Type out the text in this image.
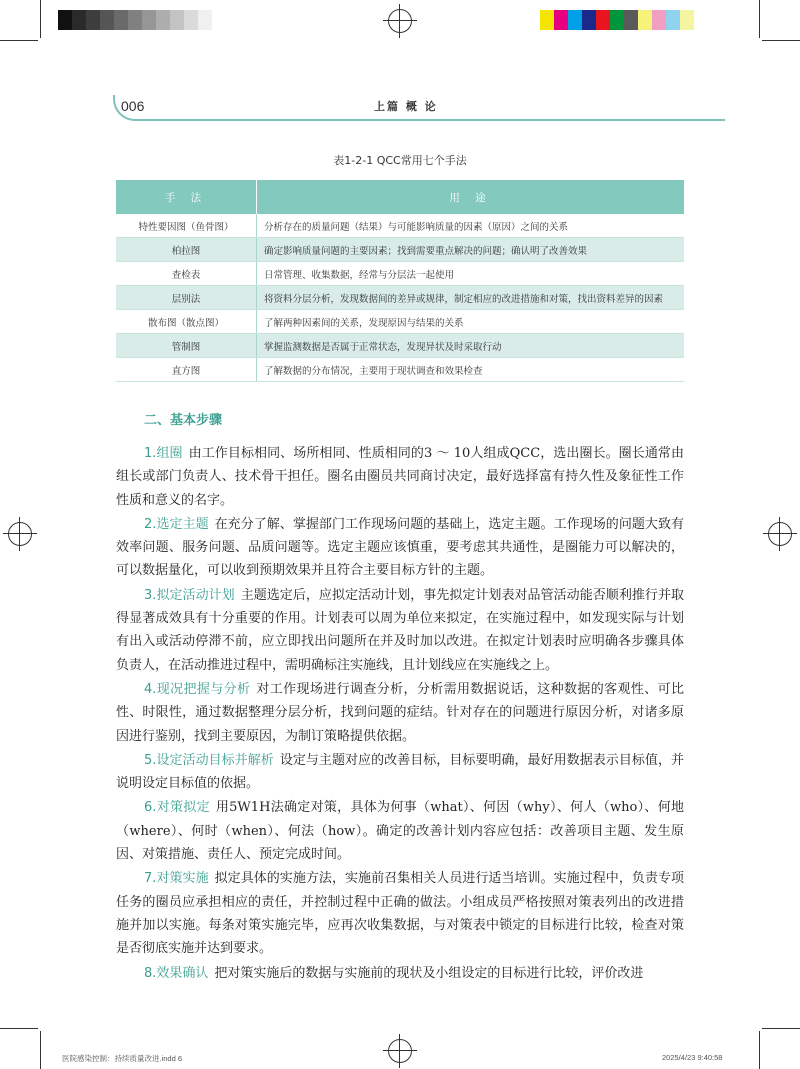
006	上篇 概 论
表1-2-1 QCC常用七个手法
手 法	用 途
特性要因图（鱼骨图）	分析存在的质量问题（结果）与可能影响质量的因素（原因）之间的关系
柏拉图	确定影响质量问题的主要因素；找到需要重点解决的问题；确认明了改善效果
查检表	日常管理、收集数据，经常与分层法一起使用
层别法	将资料分层分析，发现数据间的差异或规律，制定相应的改进措施和对策，找出资料差异的因素
散布图（散点图）	了解两种因素间的关系，发现原因与结果的关系
管制图	掌握监测数据是否属于正常状态，发现异状及时采取行动
直方图	了解数据的分布情况，主要用于现状调查和效果检查
二、基本步骤

1.组圈 由工作目标相同、场所相同、性质相同的3 ～ 10人组成QCC，选出圈长。圈长通常由组长或部门负责人、技术骨干担任。圈名由圈员共同商讨决定，最好选择富有持久性及象征性工作性质和意义的名字。

2.选定主题 在充分了解、掌握部门工作现场问题的基础上，选定主题。工作现场的问题大致有效率问题、服务问题、品质问题等。选定主题应该慎重，要考虑其共通性，是圈能力可以解决的，可以数据量化，可以收到预期效果并且符合主要目标方针的主题。

3.拟定活动计划 主题选定后，应拟定活动计划，事先拟定计划表对品管活动能否顺利推行并取得显著成效具有十分重要的作用。计划表可以周为单位来拟定，在实施过程中，如发现实际与计划有出入或活动停滞不前，应立即找出问题所在并及时加以改进。在拟定计划表时应明确各步骤具体负责人，在活动推进过程中，需明确标注实施线，且计划线应在实施线之上。

4.现况把握与分析 对工作现场进行调查分析，分析需用数据说话，这种数据的客观性、可比性、时限性，通过数据整理分层分析，找到问题的症结。针对存在的问题进行原因分析，对诸多原因进行鉴别，找到主要原因，为制订策略提供依据。

5.设定活动目标并解析 设定与主题对应的改善目标，目标要明确，最好用数据表示目标值，并说明设定目标值的依据。

6.对策拟定 用5W1H法确定对策，具体为何事（what）、何因（why）、何人（who）、何地（where）、何时（when）、何法（how）。确定的改善计划内容应包括：改善项目主题、发生原因、对策措施、责任人、预定完成时间。

7.对策实施 拟定具体的实施方法，实施前召集相关人员进行适当培训。实施过程中，负责专项任务的圈员应承担相应的责任，并控制过程中正确的做法。小组成员严格按照对策表列出的改进措施并加以实施。每条对策实施完毕，应再次收集数据，与对策表中锁定的目标进行比较，检查对策是否彻底实施并达到要求。

8.效果确认 把对策实施后的数据与实施前的现状及小组设定的目标进行比较，评价改进

医院感染控制：持续质量改进.indd 6	2025/4/23 9:40:58
